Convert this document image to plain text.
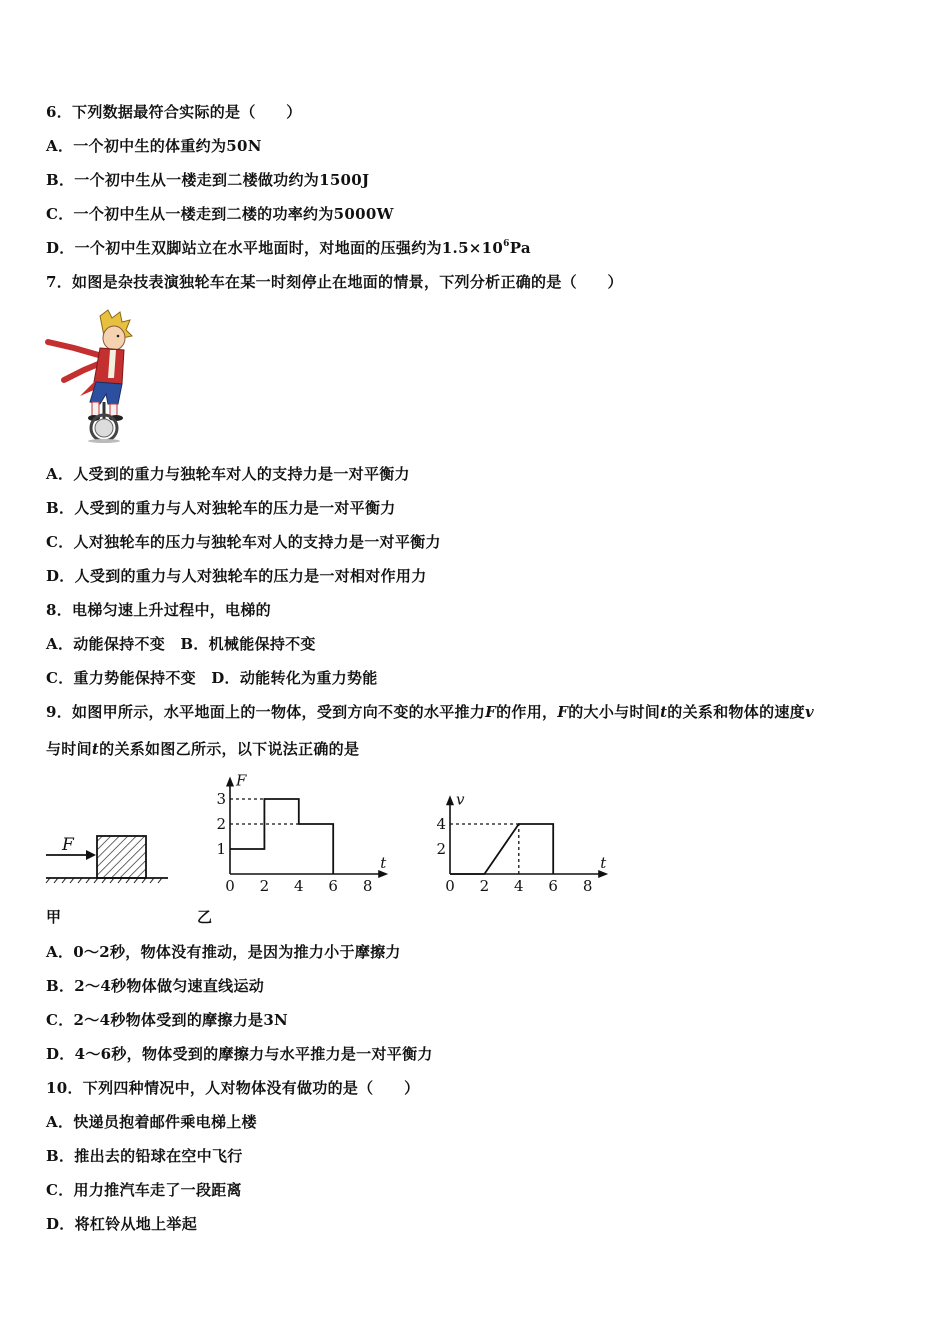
6．下列数据最符合实际的是（　　）
A．一个初中生的体重约为50N
B．一个初中生从一楼走到二楼做功约为1500J
C．一个初中生从一楼走到二楼的功率约为5000W
D．一个初中生双脚站立在水平地面时，对地面的压强约为$1.5\times 10^6Pa$
7．如图是杂技表演独轮车在某一时刻停止在地面的情景，下列分析正确的是（　　）
A．人受到的重力与独轮车对人的支持力是一对平衡力
B．人受到的重力与人对独轮车的压力是一对平衡力
C．人对独轮车的压力与独轮车对人的支持力是一对平衡力
D．人受到的重力与人对独轮车的压力是一对相对作用力
8．电梯匀速上升过程中，电梯的
A．动能保持不变　B．机械能保持不变
C．重力势能保持不变　D．动能转化为重力势能
9．如图甲所示，水平地面上的一物体，受到方向不变的水平推力F的作用，F的大小与时间t的关系和物体的速度v
与时间t的关系如图乙所示，以下说法正确的是
F
F
t
0 2 4 6 8
1
2
3	v
t
0 2 4 6 8
2
4
甲	乙
A．0～2秒，物体没有推动，是因为推力小于摩擦力
B．2～4秒物体做匀速直线运动
C．2～4秒物体受到的摩擦力是3N
D．4～6秒，物体受到的摩擦力与水平推力是一对平衡力
10．下列四种情况中，人对物体没有做功的是（　　）
A．快递员抱着邮件乘电梯上楼
B．推出去的铅球在空中飞行
C．用力推汽车走了一段距离
D．将杠铃从地上举起
